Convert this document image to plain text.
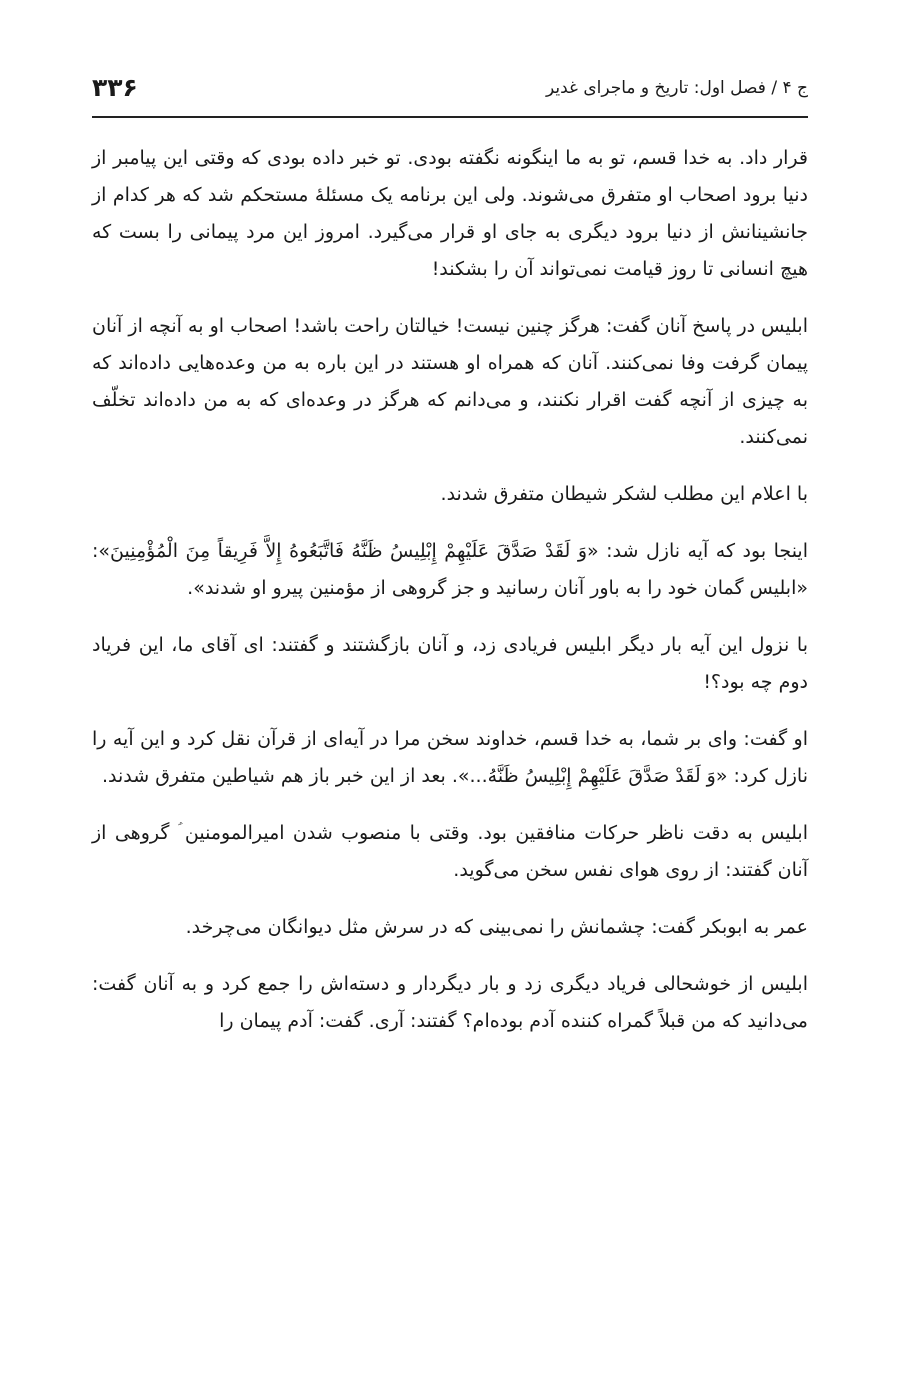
۳۳۶	ج ۴ / فصل اول: تاریخ و ماجرای غدیر

قرار داد. به خدا قسم، تو به ما اینگونه نگفته بودی. تو خبر داده بودی که وقتی این پیامبر از دنیا برود اصحاب او متفرق می‌شوند. ولی این برنامه یک مسئلهٔ مستحکم شد که هر کدام از جانشینانش از دنیا برود دیگری به جای او قرار می‌گیرد. امروز این مرد پیمانی را بست که هیچ انسانی تا روز قیامت نمی‌تواند آن را بشکند!

ابلیس در پاسخ آنان گفت: هرگز چنین نیست! خیالتان راحت باشد! اصحاب او به آنچه از آنان پیمان گرفت وفا نمی‌کنند. آنان که همراه او هستند در این باره به من وعده‌هایی داده‌اند که به چیزی از آنچه گفت اقرار نکنند، و می‌دانم که هرگز در وعده‌ای که به من داده‌اند تخلّف نمی‌کنند.

با اعلام این مطلب لشکر شیطان متفرق شدند.

اینجا بود که آیه نازل شد: «وَ لَقَدْ صَدَّقَ عَلَيْهِمْ إِبْلِيسُ ظَنَّهُ فَاتَّبَعُوهُ إِلاَّ فَرِيقاً مِنَ الْمُؤْمِنِينَ»: «ابلیس گمان خود را به باور آنان رسانید و جز گروهی از مؤمنین پیرو او شدند».

با نزول این آیه بار دیگر ابلیس فریادی زد، و آنان بازگشتند و گفتند: ای آقای ما، این فریاد دوم چه بود؟!

او گفت: وای بر شما، به خدا قسم، خداوند سخن مرا در آیه‌ای از قرآن نقل کرد و این آیه را نازل کرد: «وَ لَقَدْ صَدَّقَ عَلَيْهِمْ إِبْلِيسُ ظَنَّهُ...». بعد از این خبر باز هم شیاطین متفرق شدند.

ابلیس به دقت ناظر حرکات منافقین بود. وقتی با منصوب شدن امیرالمومنین ؑ گروهی از آنان گفتند: از روی هوای نفس سخن می‌گوید.

عمر به ابوبکر گفت: چشمانش را نمی‌بینی که در سرش مثل دیوانگان می‌چرخد.

ابلیس از خوشحالی فریاد دیگری زد و بار دیگردار و دسته‌اش را جمع کرد و به آنان گفت: می‌دانید که من قبلاً گمراه کننده آدم بوده‌ام؟ گفتند: آری. گفت: آدم پیمان را
